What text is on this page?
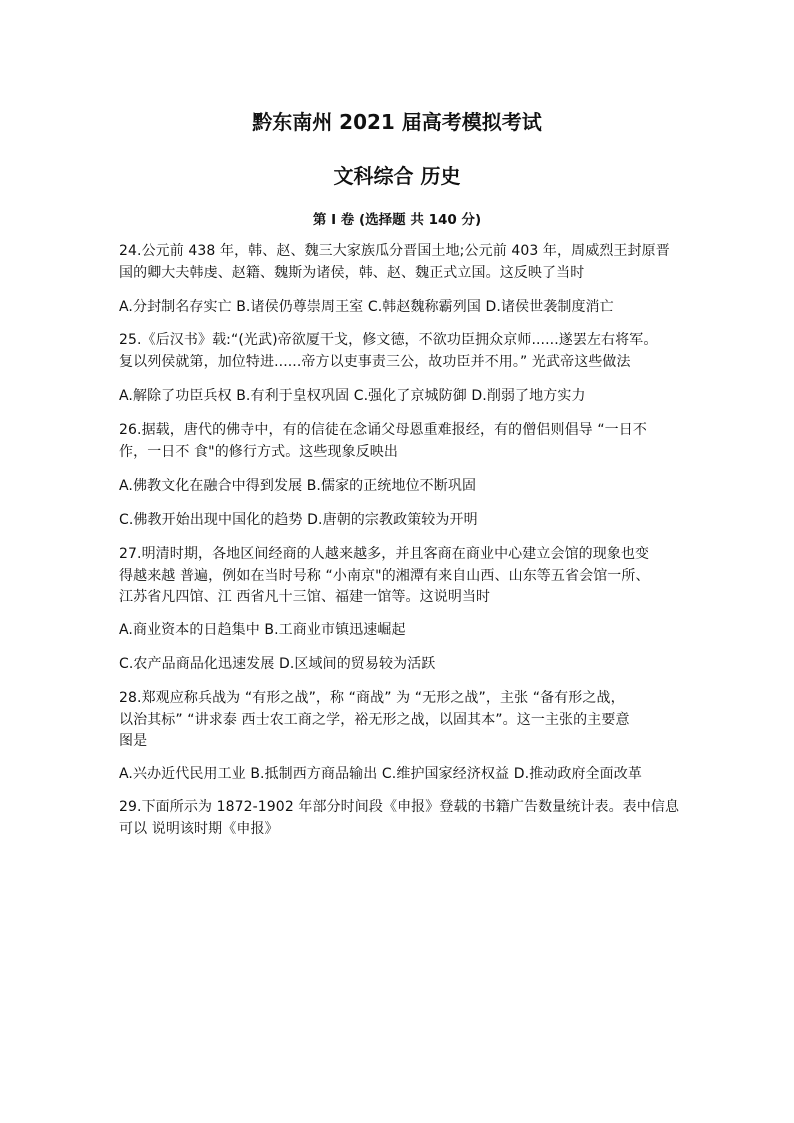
黔东南州 2021 届高考模拟考试
文科综合 历史
第 I 卷 (选择题 共 140 分)
24.公元前 438 年，韩、赵、魏三大家族瓜分晋国土地;公元前 403 年，周威烈王封原晋
国的卿大夫韩虔、赵籍、魏斯为诸侯，韩、赵、魏正式立国。这反映了当时
A.分封制名存实亡 B.诸侯仍尊崇周王室 C.韩赵魏称霸列国 D.诸侯世袭制度消亡
25.《后汉书》载:“(光武)帝欲厦干戈，修文德，不欲功臣拥众京师......遂罢左右将军。
复以列侯就第，加位特进......帝方以吏事责三公，故功臣并不用。” 光武帝这些做法
A.解除了功臣兵权 B.有利于皇权巩固 C.强化了京城防御 D.削弱了地方实力
26.据载，唐代的佛寺中，有的信徒在念诵父母恩重难报经，有的僧侣则倡导 “一日不
作，一日不 食"的修行方式。这些现象反映出
A.佛教文化在融合中得到发展 B.儒家的正统地位不断巩固
C.佛教开始出现中国化的趋势 D.唐朝的宗教政策较为开明
27.明清时期，各地区间经商的人越来越多，并且客商在商业中心建立会馆的现象也变
得越来越 普遍，例如在当时号称 “小南京"的湘潭有来自山西、山东等五省会馆一所、
江苏省凡四馆、江 西省凡十三馆、福建一馆等。这说明当时
A.商业资本的日趋集中 B.工商业市镇迅速崛起
C.农产品商品化迅速发展 D.区域间的贸易较为活跃
28.郑观应称兵战为 “有形之战”，称 “商战” 为 “无形之战”，主张 “备有形之战，
以治其标” “讲求泰 西士农工商之学，裕无形之战，以固其本”。这一主张的主要意
图是
A.兴办近代民用工业 B.抵制西方商品输出 C.维护国家经济权益 D.推动政府全面改革
29.下面所示为 1872-1902 年部分时间段《申报》登载的书籍广告数量统计表。表中信息
可以 说明该时期《申报》
